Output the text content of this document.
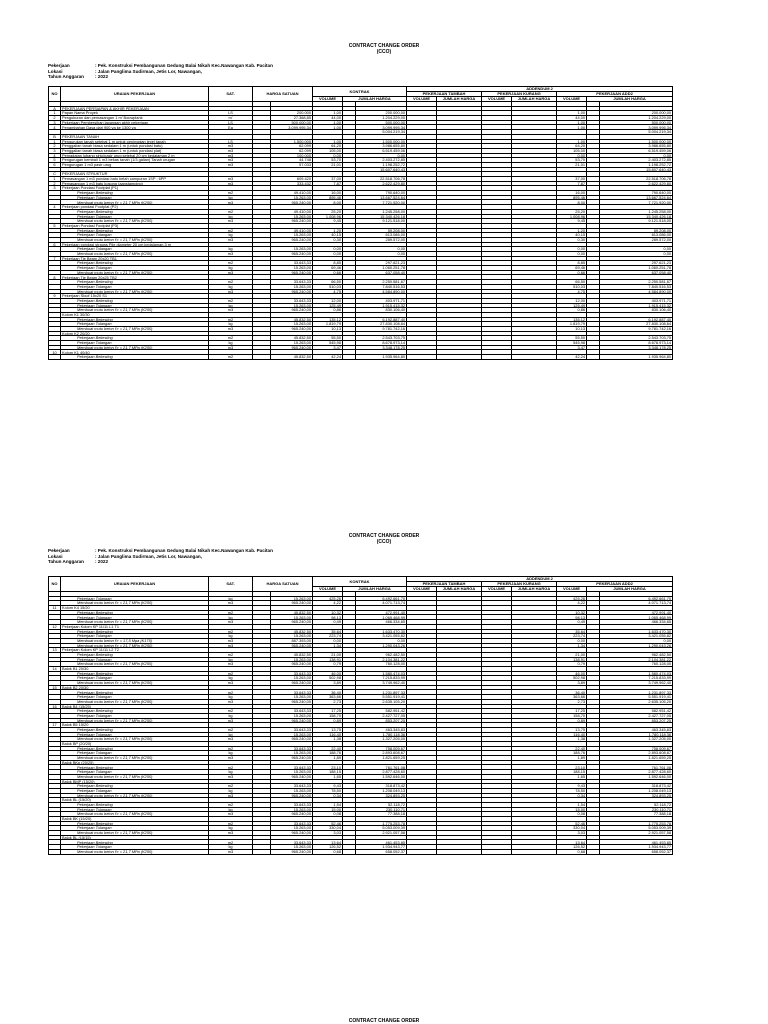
CONTRACT CHANGE ORDER
(CCO)
Pekerjaan	: Pek. Konstruksi Pembangunan Gedung Balai Nikah Kec.Nawangan Kab. Pacitan
Lokasi	: Jalan Panglima Sudirman, Jetis Lor, Nawangan,
Tahun Anggaran : 2022
NO	URAIAN PEKERJAAN	SAT.	HARGA SATUAN		KONTRAK			ADDENDUM 2						
								PEKERJAAN TAMBAH		PEKERJAAN KURANG		PEKERJAAN ADD2		
					VOLUME	JUMLAH HARGA		VOLUME	JUMLAH HARGA	VOLUME	JUMLAH HARGA	VOLUME	JUMLAH HARGA	

A	PEKERJAAN PERSIAPAN & AKHIR PEKERJAAN													
1	Papan Nama Proyek	LS		200.000	1,00		200.000,00					1,00		200.000,00
2	Pengukuran dan pemasangan 1 m' Bouwplank	m'		27.368,85	44,00		1.204.229,00					44,00		1.204.229,00
3	Pekerjaan Pembersihan lapangan akhir pekerjaan	LS		500.000,00	1,00		500.000,00					1,00		500.000,00
4	Penambahan Daya dari 900 va ke 1300 va	Ea		3.099.995,34	1,00		3.099.995,34					1,00		3.099.995,34
							5.004.219,34							5.004.219,34
B	PEKERJAAN TANAH													
1	Pengurukan tanah setebal 1 m untuk peninggian level tanah	LS		1.500.000	1,00		1.500.000,00					1,00		1.500.000,00
2	Penggalian tanah biasa sedalam 1 m (untuk pondasi batu)	m3		62.099	64,20		3.986.655,80					64,20		3.986.655,80
3	Penggalian tanah biasa sedalam 1 m (untuk pondasi plat)	m3		62.099	105,00		6.519.459,06					105,00		6.519.459,06
4	Pemadatan lubang sirtu/pasir urug setebal 20 cm kedalaman 2 m	m3		100.000	0,00		0,00					0,00		0,00
5	Pengurugan kembali 1 m3 bekas tanah (1/3 galian) Tanah urugan	m3		44.748	53,70		2.403.272,85					53,70		2.403.272,85
6	Pengurugan 1 m3 pasir urug	m3		57.033	21,01		1.198.252,72					21,01		1.198.252,72
							15.607.640,43							15.607.640,43
C	PEKERJAAN STRUKTUR													
1	Pemasangan 1 m3 pondasi batu belah campuran 1SP : 6PP	m3		609.420	37,00		22.518.706,78					37,00		22.518.706,78
2	Pemasangan 1 m3 batu kosong (aanstamping)	m3		333.432	7,87		2.622.429,80					7,87		2.622.429,80
3	Pekerjaan Pondasi Footplat (P1)													
	Pekerjaan Bekesting	m2		49.410,00	16,00		790.640,00					16,00		790.640,00
	Pekerjaan Tulangan	kg		15.263,00	895,46		13.667.524,64					895,46		13.667.524,64
	Membuat mutu beton f'c = 21,7 MPa (K250)	m3		965.240,00	8,00		7.721.920,00					8,00		7.721.920,00
4	Pekerjaan pondasi Footplat (P2)													
	Pekerjaan Bekesting	m2		49.410,00	25,20		1.245.258,00					25,20		1.245.258,00
	Pekerjaan Tulangan	kg		15.263,00	1.008,96		15.340.426,18					1.008,96		15.340.426,18
	Membuat mutu beton f'c = 21,7 MPa (K250)	m3		965.240,00	9,45		9.121.518,00					9,45		9.121.518,00
5	Pekerjaan Pondasi Footplat (P3)													
	Pekerjaan Bekesting	m2		49.410,00	1,20		59.208,00					1,20		59.208,00
	Pekerjaan Tulangan	kg		15.263,00	40,15		613.086,00					40,15		613.086,00
	Membuat mutu beton f'c = 21,7 MPa (K250)	m3		965.240,00	0,30		289.572,00					0,30		289.572,00
6	Pekerjaan pondasi strauss Pile diameter 20 cm kedalaman 3 m													
	Pekerjaan Tulangan	kg		15.263,00	0,00		0,00					0,00		0,00
	Membuat mutu beton f'c = 21,7 MPa (K250)	m3		965.240,00	0,00		0,00					0,00		0,00
7	Pekerjaan Tie Beam 20x20 TB1													
	Pekerjaan Bekesting	m2		33.643,33	8,85		297.621,23					8,85		297.621,23
	Pekerjaan Tulangan	kg		15.263,00	69,46		1.060.251,78					69,46		1.060.251,78
	Membuat mutu beton f'c = 21,7 MPa (K250)	m3		965.240,00	0,66		637.058,40					0,66		637.058,40
8	Pekerjaan Tie Beam 20x25 TB2													
	Pekerjaan Bekesting	m2		33.643,33	66,50		2.250.581,67					66,50		2.250.581,67
	Pekerjaan Tulangan	kg		15.263,00	510,03		7.840.516,53					510,03		7.840.516,53
	Membuat mutu beton f'c = 21,7 MPa (K250)	m3		965.240,00	4,75		4.584.890,00					4,75		4.584.890,00
9	Pekerjaan Sloof 15x20 S1													
	Pekerjaan Bekesting	m2		33.643,33	12,00		403.971,71					12,00		403.971,71
	Pekerjaan Tulangan	kg		15.263,00	125,49		1.915.415,32					125,49		1.915.415,32
	Membuat mutu beton f'c = 21,7 MPa (K250)	m3		965.240,00	0,86		830.106,40					0,86		830.106,40
	Kolom K1 30/30													
	Pekerjaan Bekesting	m2		45.832,50	135,12		6.192.887,40					135,12		6.192.887,40
	Pekerjaan Tulangan	kg		15.263,00	1.819,79		27.830.108,64					1.819,79		27.830.108,64
	Membuat mutu beton f'c = 21,7 MPa (K250)	m3		965.240,00	10,13		9.781.742,16					10,13		9.781.742,16
	Kolom K2 20/20													
	Pekerjaan Bekesting	m2		45.832,50	55,50		2.543.703,75					55,50		2.543.703,75
	Pekerjaan Tulangan	kg		15.263,00	545,98		8.678.973,14					545,98		8.678.973,14
	Membuat mutu beton f'c = 21,7 MPa (K250)	m3		965.240,00	3,47		3.348.178,25					3,47		3.348.178,25
10	Kolom K1 40/40													
	Pekerjaan Bekesting	m2		45.832,50	42,24		1.935.964,80					42,24		1.935.964,80
CONTRACT CHANGE ORDER
(CCO)
Pekerjaan	: Pek. Konstruksi Pembangunan Gedung Balai Nikah Kec.Nawangan Kab. Pacitan
Lokasi	: Jalan Panglima Sudirman, Jetis Lor, Nawangan,
Tahun Anggaran : 2022
NO	URAIAN PEKERJAAN	SAT.	HARGA SATUAN		KONTRAK			ADDENDUM 2						
								PEKERJAAN TAMBAH		PEKERJAAN KURANG		PEKERJAAN ADD2		
					VOLUME	JUMLAH HARGA		VOLUME	JUMLAH HARGA	VOLUME	JUMLAH HARGA	VOLUME	JUMLAH HARGA	

	Pekerjaan Tulangan	kg		15.263,00	425,26		6.492.661,70					425,26		6.492.661,70
	Membuat mutu beton f'c = 21,7 MPa (K250)	m3		965.240,00	4,22		4.071.713,74					4,22		4.071.713,74
11	Kolom K4 15/20													
	Pekerjaan Bekesting	m2		45.832,50	10,32		472.991,40					10,32		472.991,40
	Pekerjaan Tulangan	kg		15.263,00	98,13		1.065.468,99					98,13		1.065.468,99
	Membuat mutu beton f'c = 21,7 MPa (K250)	m3		965.240,00	0,49		466.334,65					0,49		466.334,65
12	Pekerjaan Kolom KP 11/11 L1 T1													
	Pekerjaan Bekesting	m2		45.832,50	35,64		1.633.470,30					35,64		1.633.470,30
	Pekerjaan Tulangan	kg		15.263,00	223,74		3.421.055,82					223,74		3.421.055,82
	Membuat mutu beton f'c = 17,5 Mpa (K175)	m3		887.393,00	0,00		0,00					0,00		0,00
	Membuat mutu beton f'c = 21,7 MPa (K250)	m3		965.240,00	1,34		1.290.043,26					1,34		1.290.043,26
13	Pekerjaan Kolom KP 11/11 L2 T2													
	Pekerjaan Bekesting	m2		45.832,50	21,00		962.482,50					21,00		962.482,50
	Pekerjaan Tulangan	kg		15.263,00	138,91		2.104.381,22					138,91		2.104.381,22
	Membuat mutu beton f'c = 21,7 MPa (K250)	m3		965.240,00	0,79		760.128,00					0,79		760.128,00
14	Balok B1 20/30													
	Pekerjaan Bekesting	m2		33.643,33	46,00		1.580.474,03					46,00		1.580.474,03
	Pekerjaan Tulangan	kg		15.263,00	502,98		7.215.833,99					502,98		7.215.833,99
	Membuat mutu beton f'c = 21,7 MPa (K250)	m3		965.240,00	3,89		3.749.962,40					3,89		3.749.962,40
15	Balok B2 20/30													
	Pekerjaan Bekesting	m2		33.643,33	36,40		1.231.897,33					36,40		1.231.897,33
	Pekerjaan Tulangan	kg		15.263,00	363,66		5.551.919,41					363,66		5.551.919,41
	Membuat mutu beton f'c = 21,7 MPa (K250)	m3		965.240,00	2,73		2.635.105,20					2,73		2.635.105,20
16	Balok B4 (15/25)													
	Pekerjaan Bekesting	m2		33.643,33	17,25		582.951,42					17,25		582.951,42
	Pekerjaan Tulangan	kg		15.263,00	158,70		2.427.727,05					158,70		2.427.727,05
	Membuat mutu beton f'c = 21,7 MPa (K250)	m3		965.240,00	0,89		853.207,25					0,89		853.207,25
17	Balok B5 15/20													
	Pekerjaan Bekesting	m2		33.643,33	13,75		463.345,83					13,75		463.345,83
	Pekerjaan Tulangan	kg		15.263,00	116,40		1.780.118,36					116,40		1.780.118,36
	Membuat mutu beton f'c = 21,7 MPa (K250)	m3		965.240,00	1,38		1.327.205,00					1,38		1.327.205,00
	Balok BP (20/20)													
	Pekerjaan Bekesting	m2		33.643,33	22,40		758.009,67					22,40		758.009,67
	Pekerjaan Tulangan	kg		15.263,00	188,76		2.893.608,67					188,76		2.893.608,67
	Membuat mutu beton f'c = 21,7 MPa (K250)	m3		965.240,00	1,89		1.821.659,25					1,89		1.821.659,25
	Balok BKp (20/25)													
	Pekerjaan Bekesting	m2		33.643,33	23,10		761.761,08					23,10		761.761,08
	Pekerjaan Tulangan	kg		15.263,00	188,15		2.877.428,60					188,15		2.877.428,60
	Membuat mutu beton f'c = 21,7 MPa (K250)	m3		965.240,00	1,65		1.592.646,00					1,65		1.592.646,00
	Balok BMP (15/20)													
	Pekerjaan Bekesting	m2		33.643,33	9,43		318.873,42					9,43		318.873,42
	Pekerjaan Tulangan	kg		15.263,00	78,50		1.208.049,13					78,50		1.208.049,13
	Membuat mutu beton f'c = 21,7 MPa (K250)	m3		965.240,00	0,34		324.893,25					0,34		324.893,25
	Balok BL (15/20)													
	Pekerjaan Bekesting	m2		33.643,33	1,54		52.118,72					1,54		52.118,72
	Pekerjaan Tulangan	kg		15.263,00	15,00		230.110,71					15,00		230.110,71
	Membuat mutu beton f'c = 21,7 MPa (K250)	m3		965.240,00	0,08		77.388,18					0,08		77.388,18
	Balok BK (15/20)													
	Pekerjaan Bekesting	m2		33.643,33	52,46		1.775.253,78					52,46		1.775.253,78
	Pekerjaan Tulangan	kg		15.263,00	330,04		5.053.009,39					330,04		5.053.009,39
	Membuat mutu beton f'c = 21,7 MPa (K250)	m3		965.240,00	3,03		2.921.057,58					3,03		2.921.057,58
	Balok BL (15/15)													
	Pekerjaan Bekesting	m2		33.643,33	13,64		461.453,85					13,64		461.453,85
	Pekerjaan Tulangan	kg		15.263,00	126,52		1.934.943,77					126,52		1.934.943,77
	Membuat mutu beton f'c = 21,7 MPa (K250)	m3		965.240,00	0,68		658.052,37					0,68		658.052,37
CONTRACT CHANGE ORDER
